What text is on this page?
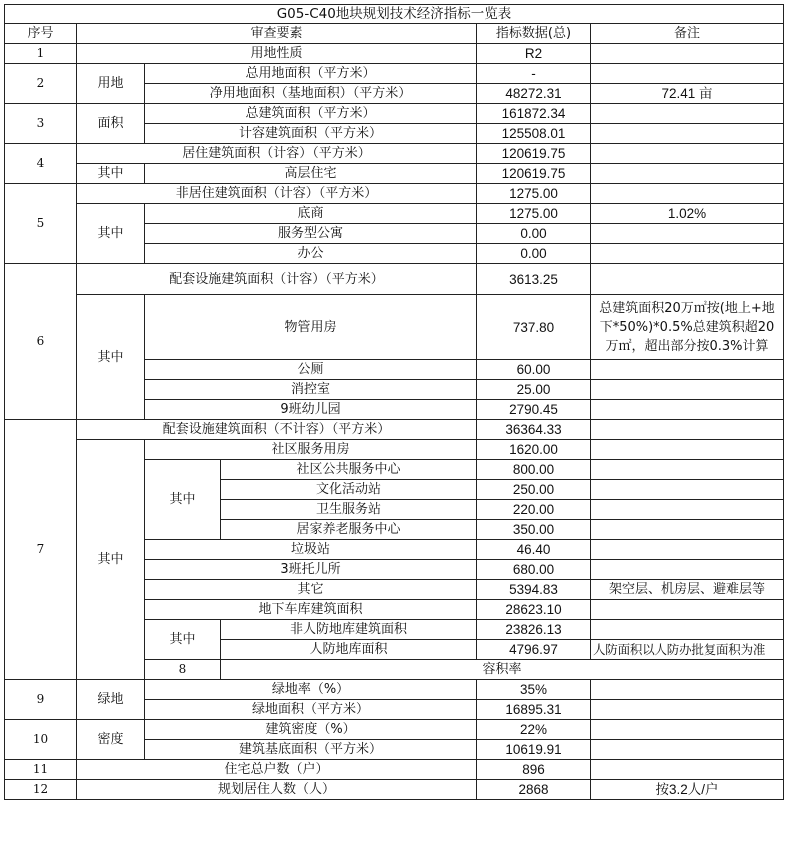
G05-C40地块规划技术经济指标一览表						
序号	审查要素			指标数据(总)	备注	
1	用地性质			R2		
2	用地	总用地面积（平方米）		-		
		净用地面积（基地面积）（平方米）		48272.31	72.41 亩	
3	面积	总建筑面积（平方米）		161872.34		
		计容建筑面积（平方米）		125508.01		
4	居住建筑面积（计容）（平方米）			120619.75		
	其中	高层住宅		120619.75		
5	非居住建筑面积（计容）（平方米）			1275.00		
	其中	底商		1275.00	1.02%	
		服务型公寓		0.00		
		办公		0.00		
6	配套设施建筑面积（计容）（平方米）			3613.25		
	其中	物管用房		737.80	总建筑面积20万㎡按(地上+地下*50%)*0.5%总建筑积超20万㎡，超出部分按0.3%计算	
		公厕		60.00		
		消控室		25.00		
		9班幼儿园		2790.45		
7	配套设施建筑面积（不计容）（平方米）			36364.33		
	其中	社区服务用房		1620.00		
		其中	社区公共服务中心	800.00		
			文化活动站	250.00		
			卫生服务站	220.00		
			居家养老服务中心	350.00		
		垃圾站		46.40		
		3班托儿所		680.00		
		其它		5394.83	架空层、机房层、避难层等	
		地下车库建筑面积		28623.10		
		其中	非人防地库建筑面积	23826.13		
			人防地库面积	4796.97	人防面积以人防办批复面积为准	
		8	容积率		
9	绿地	绿地率（%）		35%		
		绿地面积（平方米）		16895.31		
10	密度	建筑密度（%）		22%		
		建筑基底面积（平方米）		10619.91		
11	住宅总户数（户）			896		
12	规划居住人数（人）			2868	按3.2人/户	
